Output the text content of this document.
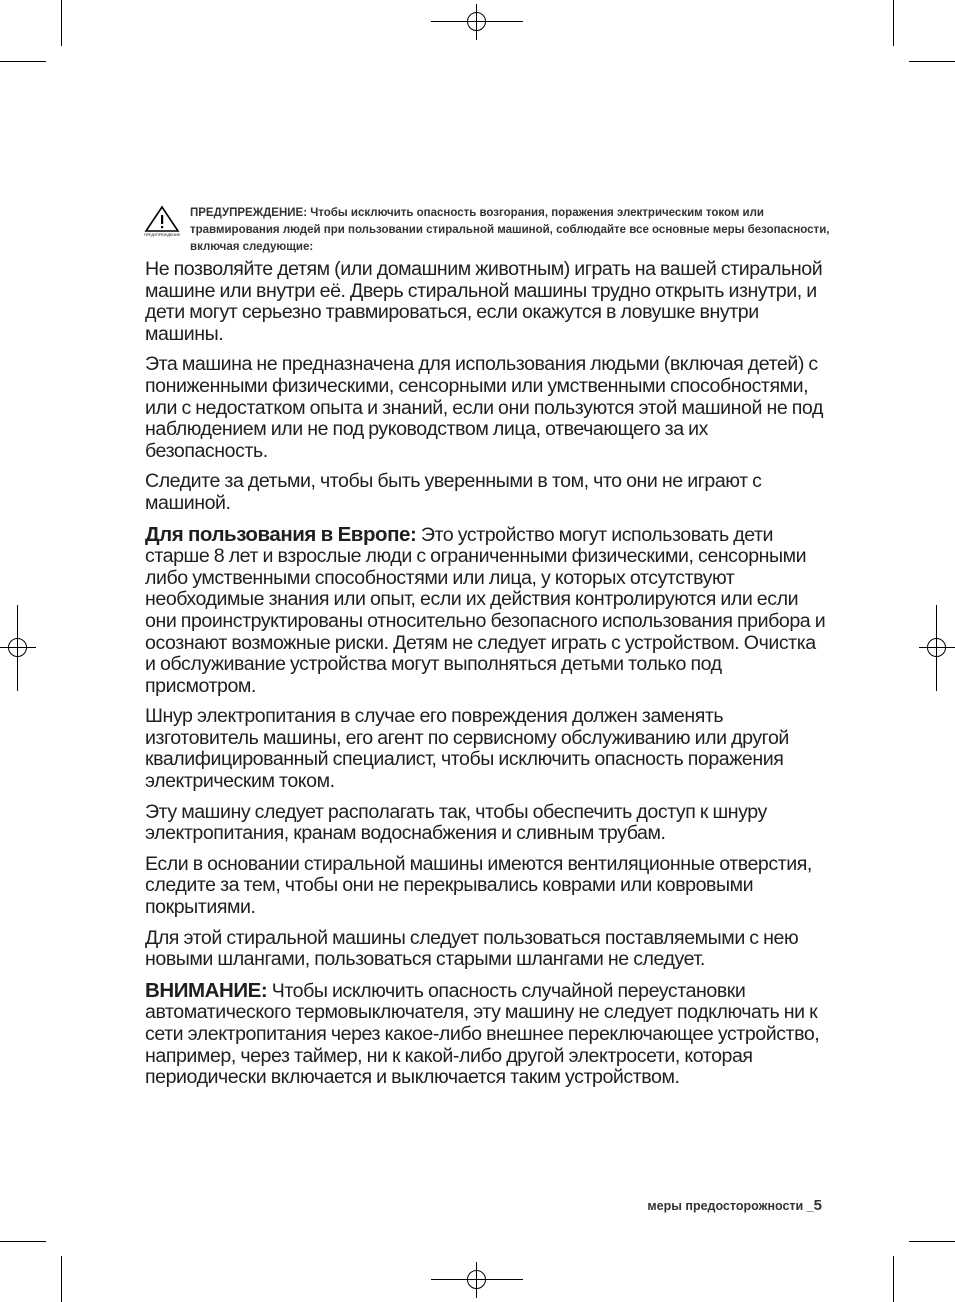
ПРЕДУПРЕЖДЕНИЕ
ПРЕДУПРЕЖДЕНИЕ: Чтобы исключить опасность возгорания, поражения электрическим током или травмирования людей при пользовании стиральной машиной, соблюдайте все основные меры безопасности, включая следующие:

Не позволяйте детям (или домашним животным) играть на вашей стиральной машине или внутри её. Дверь стиральной машины трудно открыть изнутри, и дети могут серьезно травмироваться, если окажутся в ловушке внутри машины.

Эта машина не предназначена для использования людьми (включая детей) с пониженными физическими, сенсорными или умственными способностями, или с недостатком опыта и знаний, если они пользуются этой машиной не под наблюдением или не под руководством лица, отвечающего за их безопасность.

Следите за детьми, чтобы быть уверенными в том, что они не играют с машиной.

Для пользования в Европе: Это устройство могут использовать дети старше 8 лет и взрослые люди с ограниченными физическими, сенсорными либо умственными способностями или лица, у которых отсутствуют необходимые знания или опыт, если их действия контролируются или если они проинструктированы относительно безопасного использования прибора и осознают возможные риски. Детям не следует играть с устройством. Очистка и обслуживание устройства могут выполняться детьми только под присмотром.

Шнур электропитания в случае его повреждения должен заменять изготовитель машины, его агент по сервисному обслуживанию или другой квалифицированный специалист, чтобы исключить опасность поражения электрическим током.

Эту машину следует располагать так, чтобы обеспечить доступ к шнуру электропитания, кранам водоснабжения и сливным трубам.

Если в основании стиральной машины имеются вентиляционные отверстия, следите за тем, чтобы они не перекрывались коврами или ковровыми покрытиями.

Для этой стиральной машины следует пользоваться поставляемыми с нею новыми шлангами, пользоваться старыми шлангами не следует.

ВНИМАНИЕ: Чтобы исключить опасность случайной переустановки автоматического термовыключателя, эту машину не следует подключать ни к сети электропитания через какое-либо внешнее переключающее устройство, например, через таймер, ни к какой-либо другой электросети, которая периодически включается и выключается таким устройством.

меры предосторожности _5
